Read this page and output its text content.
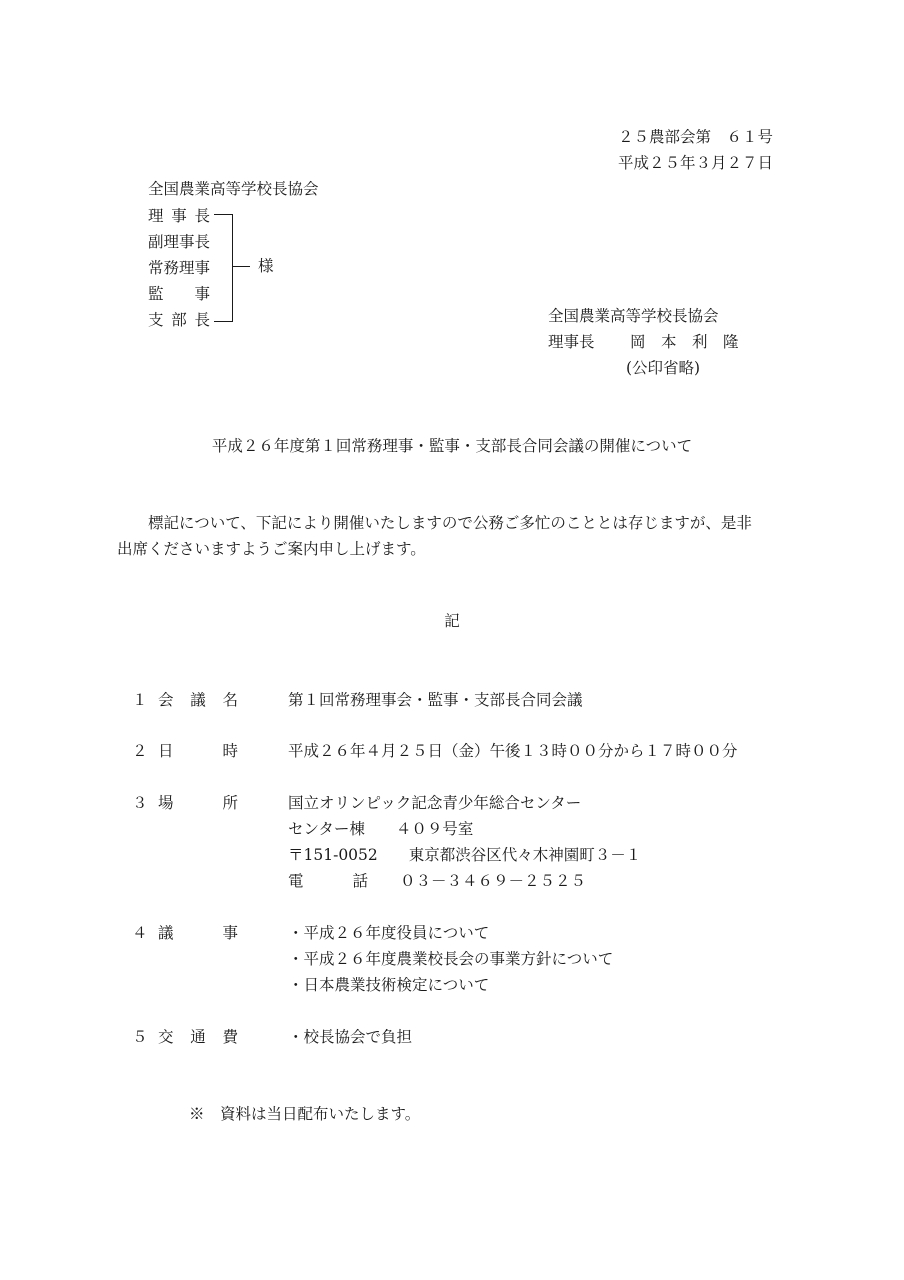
２５農部会第　６１号
平成２５年３月２７日
全国農業高等学校長協会
理 事 長
副理事長
常務理事
監 事
支 部 長
様
全国農業高等学校長協会
理事長 岡　本　利　隆
(公印省略)
平成２６年度第１回常務理事・監事・支部長合同会議の開催について
標記について、下記により開催いたしますので公務ご多忙のこととは存じますが、是非
出席くださいますようご案内申し上げます。
記
１ 会 議 名	第１回常務理事会・監事・支部長合同会議
２ 日	時	平成２６年４月２５日（金）午後１３時００分から１７時００分
３ 場	所	国立オリンピック記念青少年総合センター
センター棟　　４０９号室
〒151-0052　　東京都渋谷区代々木神園町３－１
電	話 ０３－３４６９－２５２５
４ 議	事	・平成２６年度役員について
・平成２６年度農業校長会の事業方針について
・日本農業技術検定について
５ 交 通 費	・校長協会で負担
※　資料は当日配布いたします。
